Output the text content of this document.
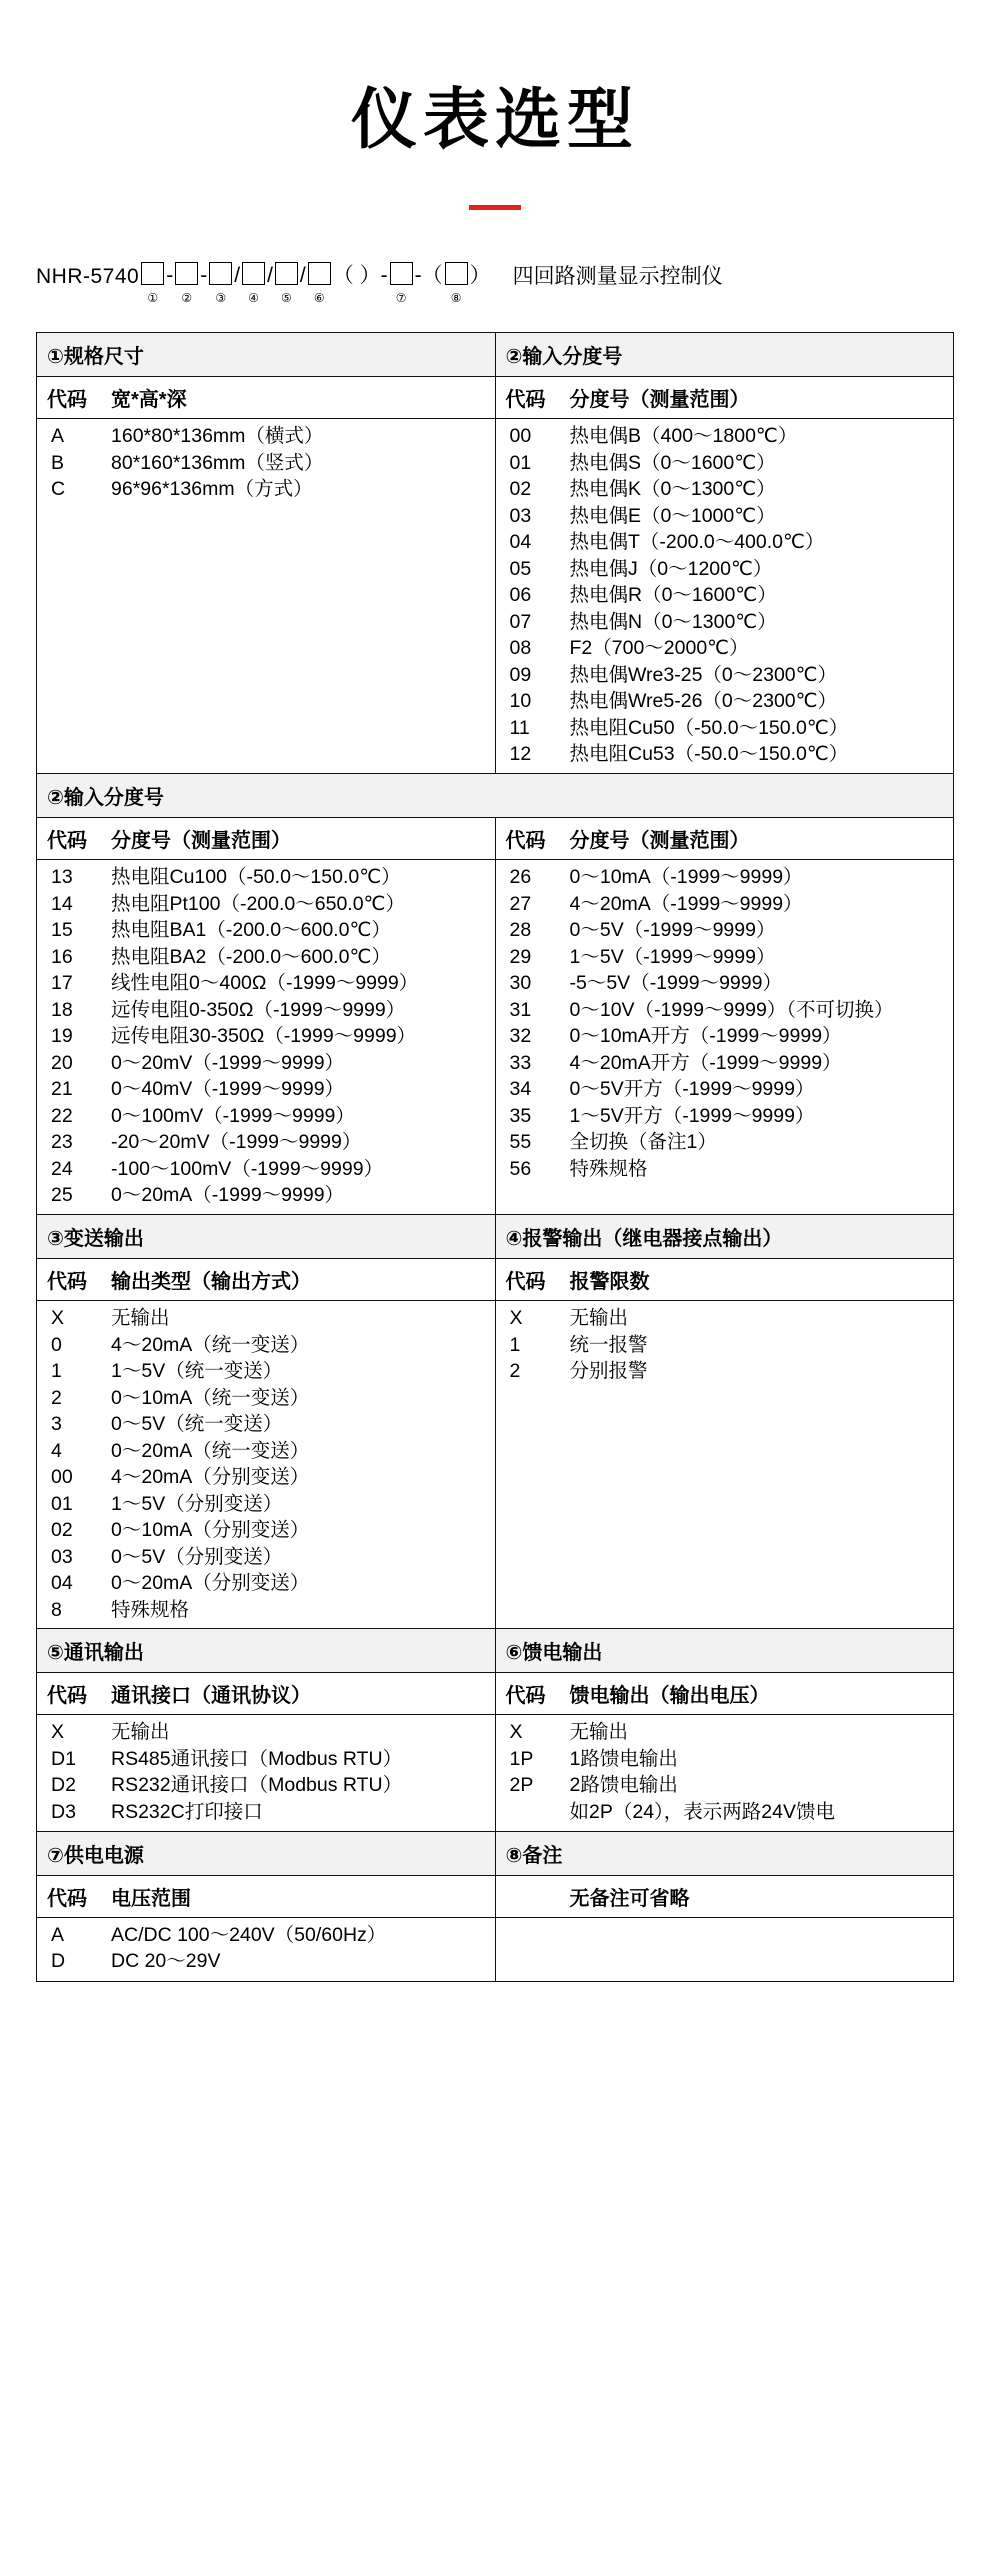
仪表选型
NHR-5740
①
-
②
-
③
/
④
/
⑤
/
⑥
（ ） -
⑦
-（
⑧
） 四回路测量显示控制仪
①规格尺寸	②输入分度号
代码	宽*高*深
A	160*80*136mm（横式）
B	80*160*136mm（竖式）
C	96*96*136mm（方式）
代码	分度号（测量范围）
00	热电偶B（400～1800℃）
01	热电偶S（0～1600℃）
02	热电偶K（0～1300℃）
03	热电偶E（0～1000℃）
04	热电偶T（-200.0～400.0℃）
05	热电偶J（0～1200℃）
06	热电偶R（0～1600℃）
07	热电偶N（0～1300℃）
08	F2（700～2000℃）
09	热电偶Wre3-25（0～2300℃）
10	热电偶Wre5-26（0～2300℃）
11	热电阻Cu50（-50.0～150.0℃）
12	热电阻Cu53（-50.0～150.0℃）
②输入分度号
代码	分度号（测量范围）
13	热电阻Cu100（-50.0～150.0℃）
14	热电阻Pt100（-200.0～650.0℃）
15	热电阻BA1（-200.0～600.0℃）
16	热电阻BA2（-200.0～600.0℃）
17	线性电阻0～400Ω（-1999～9999）
18	远传电阻0-350Ω（-1999～9999）
19	远传电阻30-350Ω（-1999～9999）
20	0～20mV（-1999～9999）
21	0～40mV（-1999～9999）
22	0～100mV（-1999～9999）
23	-20～20mV（-1999～9999）
24	-100～100mV（-1999～9999）
25	0～20mA（-1999～9999）
代码	分度号（测量范围）
26	0～10mA（-1999～9999）
27	4～20mA（-1999～9999）
28	0～5V（-1999～9999）
29	1～5V（-1999～9999）
30	-5～5V（-1999～9999）
31	0～10V（-1999～9999）（不可切换）
32	0～10mA开方（-1999～9999）
33	4～20mA开方（-1999～9999）
34	0～5V开方（-1999～9999）
35	1～5V开方（-1999～9999）
55	全切换（备注1）
56	特殊规格
③变送输出	④报警输出（继电器接点输出）
代码	输出类型（输出方式）
X	无输出
0	4～20mA（统一变送）
1	1～5V（统一变送）
2	0～10mA（统一变送）
3	0～5V（统一变送）
4	0～20mA（统一变送）
00	4～20mA（分别变送）
01	1～5V（分别变送）
02	0～10mA（分别变送）
03	0～5V（分别变送）
04	0～20mA（分别变送）
8	特殊规格
代码	报警限数
X	无输出
1	统一报警
2	分别报警
⑤通讯输出	⑥馈电输出
代码	通讯接口（通讯协议）
X	无输出
D1	RS485通讯接口（Modbus RTU）
D2	RS232通讯接口（Modbus RTU）
D3	RS232C打印接口
代码	馈电输出（输出电压）
X	无输出
1P	1路馈电输出
2P	2路馈电输出
如2P（24），表示两路24V馈电
⑦供电电源	⑧备注
代码	电压范围
A	AC/DC 100～240V（50/60Hz）
D	DC 20～29V
无备注可省略
